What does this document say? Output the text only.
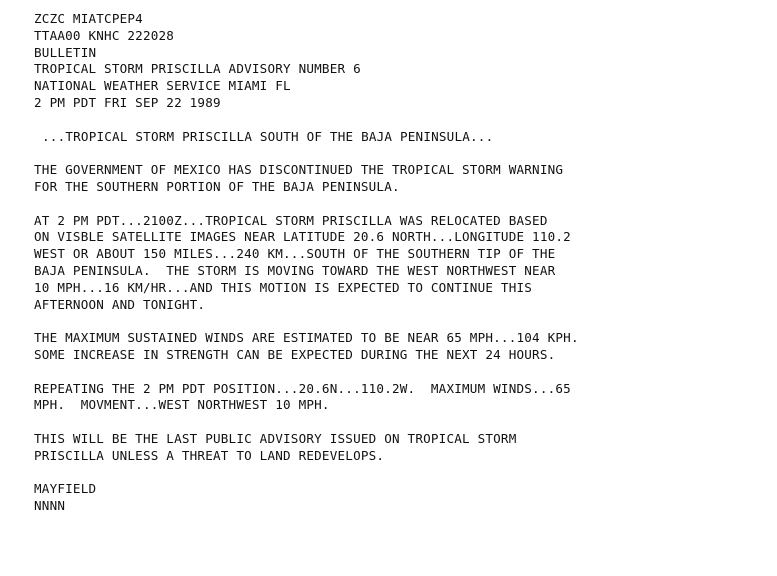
ZCZC MIATCPEP4
TTAA00 KNHC 222028
BULLETIN
TROPICAL STORM PRISCILLA ADVISORY NUMBER 6
NATIONAL WEATHER SERVICE MIAMI FL
2 PM PDT FRI SEP 22 1989
...TROPICAL STORM PRISCILLA SOUTH OF THE BAJA PENINSULA...
THE GOVERNMENT OF MEXICO HAS DISCONTINUED THE TROPICAL STORM WARNING
FOR THE SOUTHERN PORTION OF THE BAJA PENINSULA.
AT 2 PM PDT...2100Z...TROPICAL STORM PRISCILLA WAS RELOCATED BASED
ON VISBLE SATELLITE IMAGES NEAR LATITUDE 20.6 NORTH...LONGITUDE 110.2
WEST OR ABOUT 150 MILES...240 KM...SOUTH OF THE SOUTHERN TIP OF THE
BAJA PENINSULA.  THE STORM IS MOVING TOWARD THE WEST NORTHWEST NEAR
10 MPH...16 KM/HR...AND THIS MOTION IS EXPECTED TO CONTINUE THIS
AFTERNOON AND TONIGHT.
THE MAXIMUM SUSTAINED WINDS ARE ESTIMATED TO BE NEAR 65 MPH...104 KPH.
SOME INCREASE IN STRENGTH CAN BE EXPECTED DURING THE NEXT 24 HOURS.
REPEATING THE 2 PM PDT POSITION...20.6N...110.2W.  MAXIMUM WINDS...65
MPH.  MOVMENT...WEST NORTHWEST 10 MPH.
THIS WILL BE THE LAST PUBLIC ADVISORY ISSUED ON TROPICAL STORM
PRISCILLA UNLESS A THREAT TO LAND REDEVELOPS.
MAYFIELD
NNNN
